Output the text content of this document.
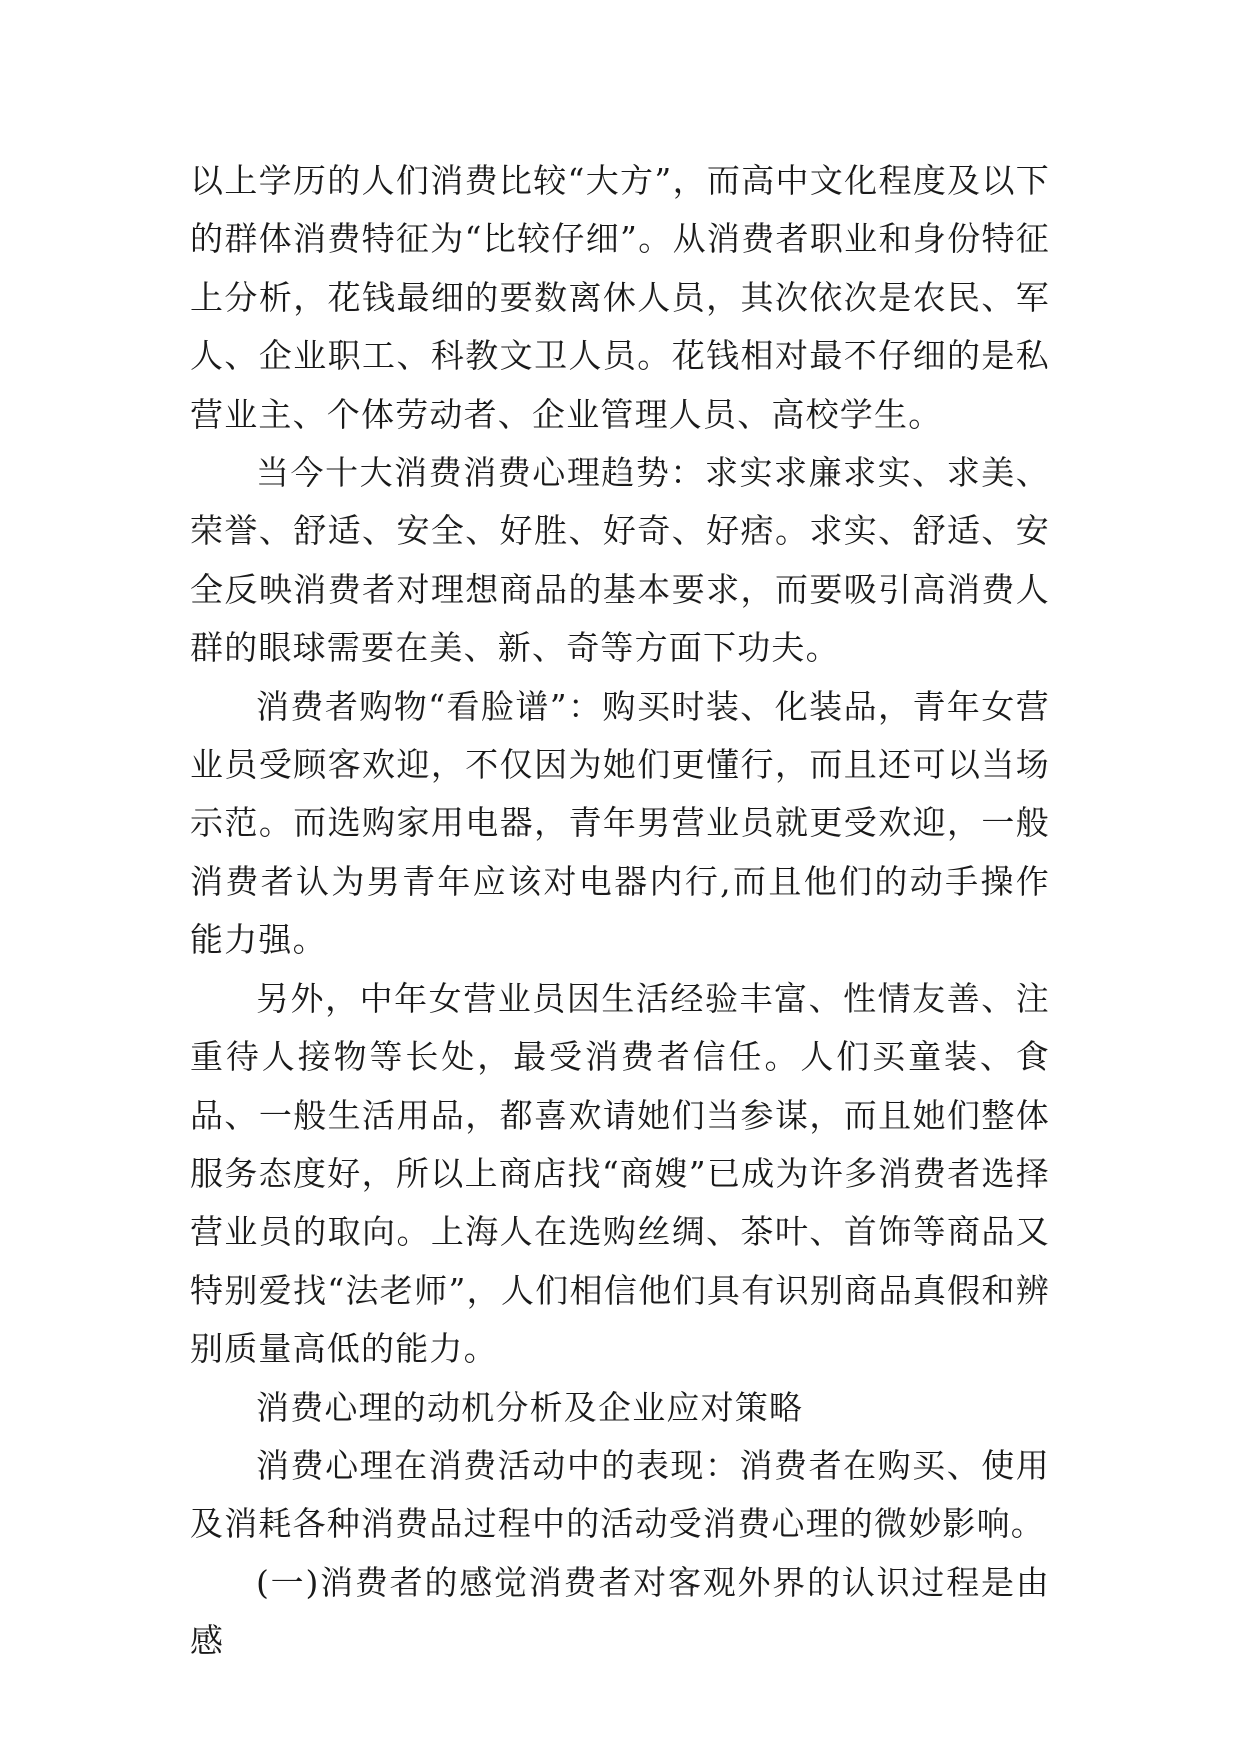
以上学历的人们消费比较“大方”，而高中文化程度及以下的群体消费特征为“比较仔细”。从消费者职业和身份特征上分析，花钱最细的要数离休人员，其次依次是农民、军人、企业职工、科教文卫人员。花钱相对最不仔细的是私营业主、个体劳动者、企业管理人员、高校学生。

当今十大消费消费心理趋势：求实求廉求实、求美、荣誉、舒适、安全、好胜、好奇、好痞。求实、舒适、安全反映消费者对理想商品的基本要求，而要吸引高消费人群的眼球需要在美、新、奇等方面下功夫。

消费者购物“看脸谱”：购买时装、化装品，青年女营业员受顾客欢迎，不仅因为她们更懂行，而且还可以当场示范。而选购家用电器，青年男营业员就更受欢迎，一般消费者认为男青年应该对电器内行,而且他们的动手操作能力强。

另外，中年女营业员因生活经验丰富、性情友善、注重待人接物等长处，最受消费者信任。人们买童装、食品、一般生活用品，都喜欢请她们当参谋，而且她们整体服务态度好，所以上商店找“商嫂”已成为许多消费者选择营业员的取向。上海人在选购丝绸、茶叶、首饰等商品又特别爱找“法老师”，人们相信他们具有识别商品真假和辨别质量高低的能力。

消费心理的动机分析及企业应对策略

消费心理在消费活动中的表现：消费者在购买、使用及消耗各种消费品过程中的活动受消费心理的微妙影响。

(一)消费者的感觉消费者对客观外界的认识过程是由感
